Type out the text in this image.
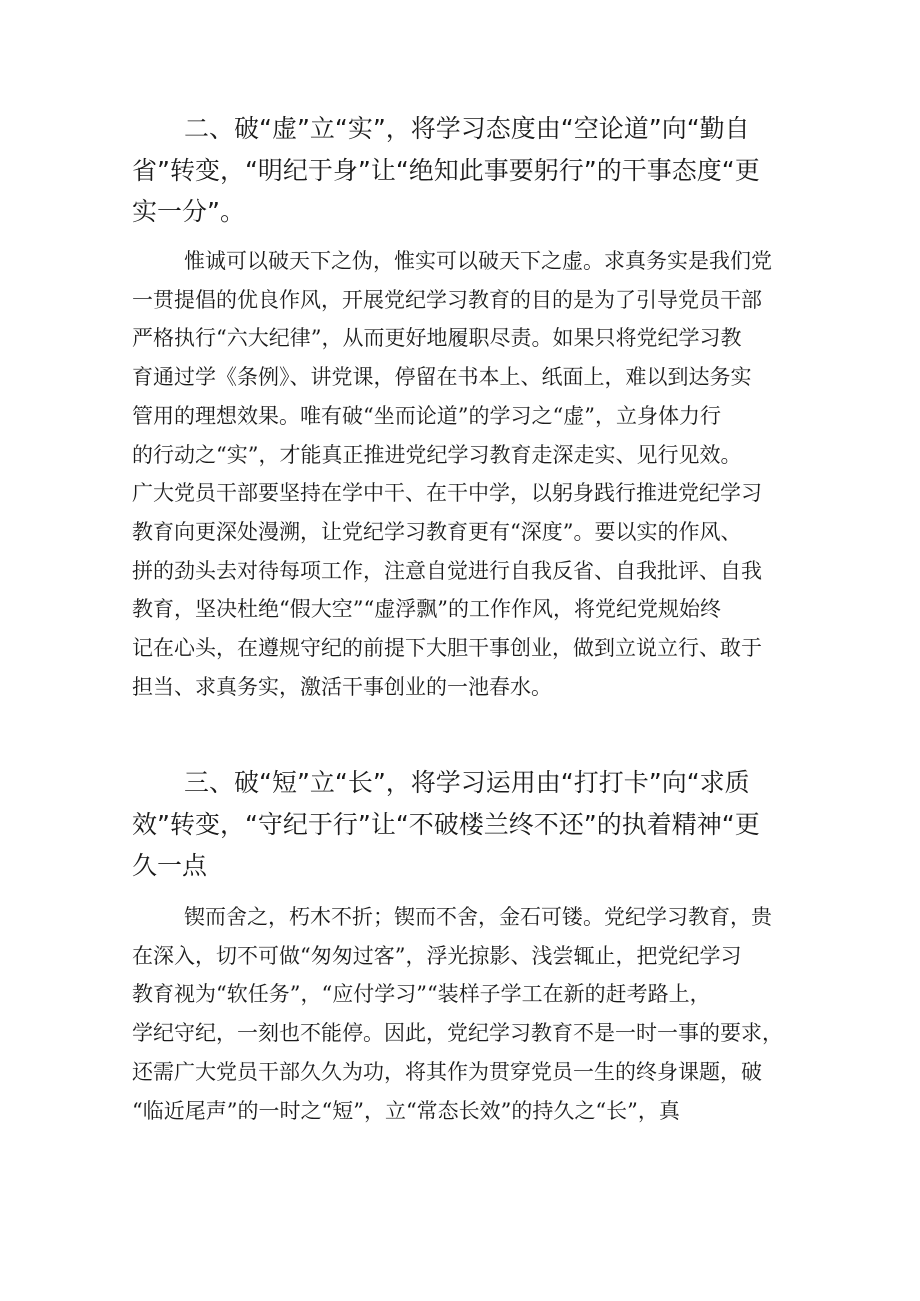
二、破“虚”立“实”，将学习态度由“空论道”向“勤自
省”转变，“明纪于身”让“绝知此事要躬行”的干事态度“更
实一分”。
惟诚可以破天下之伪，惟实可以破天下之虚。求真务实是我们党
一贯提倡的优良作风，开展党纪学习教育的目的是为了引导党员干部
严格执行“六大纪律”，从而更好地履职尽责。如果只将党纪学习教
育通过学《条例》、讲党课，停留在书本上、纸面上，难以到达务实
管用的理想效果。唯有破“坐而论道”的学习之“虚”，立身体力行
的行动之“实”，才能真正推进党纪学习教育走深走实、见行见效。
广大党员干部要坚持在学中干、在干中学，以躬身践行推进党纪学习
教育向更深处漫溯，让党纪学习教育更有“深度”。要以实的作风、
拼的劲头去对待每项工作，注意自觉进行自我反省、自我批评、自我
教育，坚决杜绝“假大空”“虚浮飘”的工作作风，将党纪党规始终
记在心头，在遵规守纪的前提下大胆干事创业，做到立说立行、敢于
担当、求真务实，激活干事创业的一池春水。
三、破“短”立“长”，将学习运用由“打打卡”向“求质
效”转变，“守纪于行”让“不破楼兰终不还”的执着精神“更
久一点
锲而舍之，朽木不折；锲而不舍，金石可镂。党纪学习教育，贵
在深入，切不可做“匆匆过客”，浮光掠影、浅尝辄止，把党纪学习
教育视为“软任务”，“应付学习”“装样子学工在新的赶考路上，
学纪守纪，一刻也不能停。因此，党纪学习教育不是一时一事的要求，
还需广大党员干部久久为功，将其作为贯穿党员一生的终身课题，破
“临近尾声”的一时之“短”，立“常态长效”的持久之“长”，真
